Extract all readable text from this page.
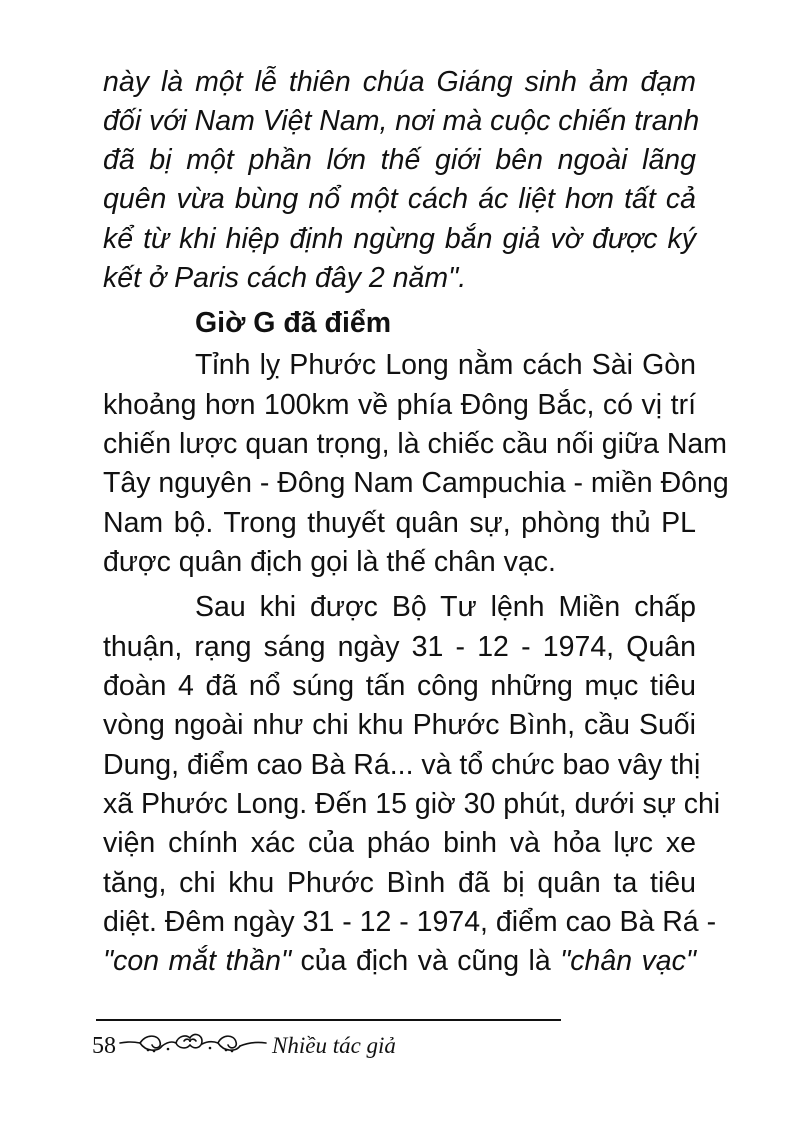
này là một lễ thiên chúa Giáng sinh ảm đạm
đối với Nam Việt Nam, nơi mà cuộc chiến tranh
đã bị một phần lớn thế giới bên ngoài lãng
quên vừa bùng nổ một cách ác liệt hơn tất cả
kể từ khi hiệp định ngừng bắn giả vờ được ký
kết ở Paris cách đây 2 năm".
Giờ G đã điểm
Tỉnh lỵ Phước Long nằm cách Sài Gòn
khoảng hơn 100km về phía Đông Bắc, có vị trí
chiến lược quan trọng, là chiếc cầu nối giữa Nam
Tây nguyên - Đông Nam Campuchia - miền Đông
Nam bộ. Trong thuyết quân sự, phòng thủ PL
được quân địch gọi là thế chân vạc.
Sau khi được Bộ Tư lệnh Miền chấp
thuận, rạng sáng ngày 31 - 12 - 1974, Quân
đoàn 4 đã nổ súng tấn công những mục tiêu
vòng ngoài như chi khu Phước Bình, cầu Suối
Dung, điểm cao Bà Rá... và tổ chức bao vây thị
xã Phước Long. Đến 15 giờ 30 phút, dưới sự chi
viện chính xác của pháo binh và hỏa lực xe
tăng, chi khu Phước Bình đã bị quân ta tiêu
diệt. Đêm ngày 31 - 12 - 1974, điểm cao Bà Rá -
"con mắt thần" của địch và cũng là "chân vạc"
58	Nhiều tác giả
